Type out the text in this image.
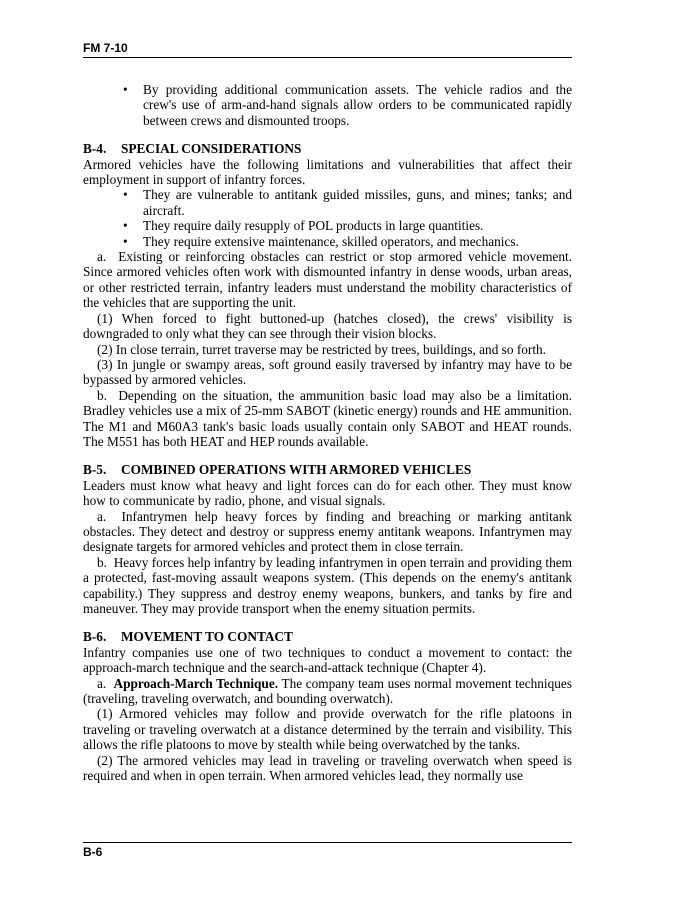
FM 7-10
• By providing additional communication assets. The vehicle radios and the crew's use of arm-and-hand signals allow orders to be communicated rapidly between crews and dismounted troops.

B-4. SPECIAL CONSIDERATIONS

Armored vehicles have the following limitations and vulnerabilities that affect their employment in support of infantry forces.

• They are vulnerable to antitank guided missiles, guns, and mines; tanks; and aircraft.
• They require daily resupply of POL products in large quantities.
• They require extensive maintenance, skilled operators, and mechanics.

a.  Existing or reinforcing obstacles can restrict or stop armored vehicle movement. Since armored vehicles often work with dismounted infantry in dense woods, urban areas, or other restricted terrain, infantry leaders must understand the mobility characteristics of the vehicles that are supporting the unit.

(1) When forced to fight buttoned-up (hatches closed), the crews' visibility is downgraded to only what they can see through their vision blocks.

(2) In close terrain, turret traverse may be restricted by trees, buildings, and so forth.

(3) In jungle or swampy areas, soft ground easily traversed by infantry may have to be bypassed by armored vehicles.

b.  Depending on the situation, the ammunition basic load may also be a limitation. Bradley vehicles use a mix of 25-mm SABOT (kinetic energy) rounds and HE ammunition. The M1 and M60A3 tank's basic loads usually contain only SABOT and HEAT rounds. The M551 has both HEAT and HEP rounds available.

B-5. COMBINED OPERATIONS WITH ARMORED VEHICLES

Leaders must know what heavy and light forces can do for each other. They must know how to communicate by radio, phone, and visual signals.

a.  Infantrymen help heavy forces by finding and breaching or marking antitank obstacles. They detect and destroy or suppress enemy antitank weapons. Infantrymen may designate targets for armored vehicles and protect them in close terrain.

b.  Heavy forces help infantry by leading infantrymen in open terrain and providing them a protected, fast-moving assault weapons system. (This depends on the enemy's antitank capability.) They suppress and destroy enemy weapons, bunkers, and tanks by fire and maneuver. They may provide transport when the enemy situation permits.

B-6. MOVEMENT TO CONTACT

Infantry companies use one of two techniques to conduct a movement to contact: the approach-march technique and the search-and-attack technique (Chapter 4).

a.  Approach-March Technique. The company team uses normal movement techniques (traveling, traveling overwatch, and bounding overwatch).

(1) Armored vehicles may follow and provide overwatch for the rifle platoons in traveling or traveling overwatch at a distance determined by the terrain and visibility. This allows the rifle platoons to move by stealth while being overwatched by the tanks.

(2) The armored vehicles may lead in traveling or traveling overwatch when speed is required and when in open terrain. When armored vehicles lead, they normally use

B-6
